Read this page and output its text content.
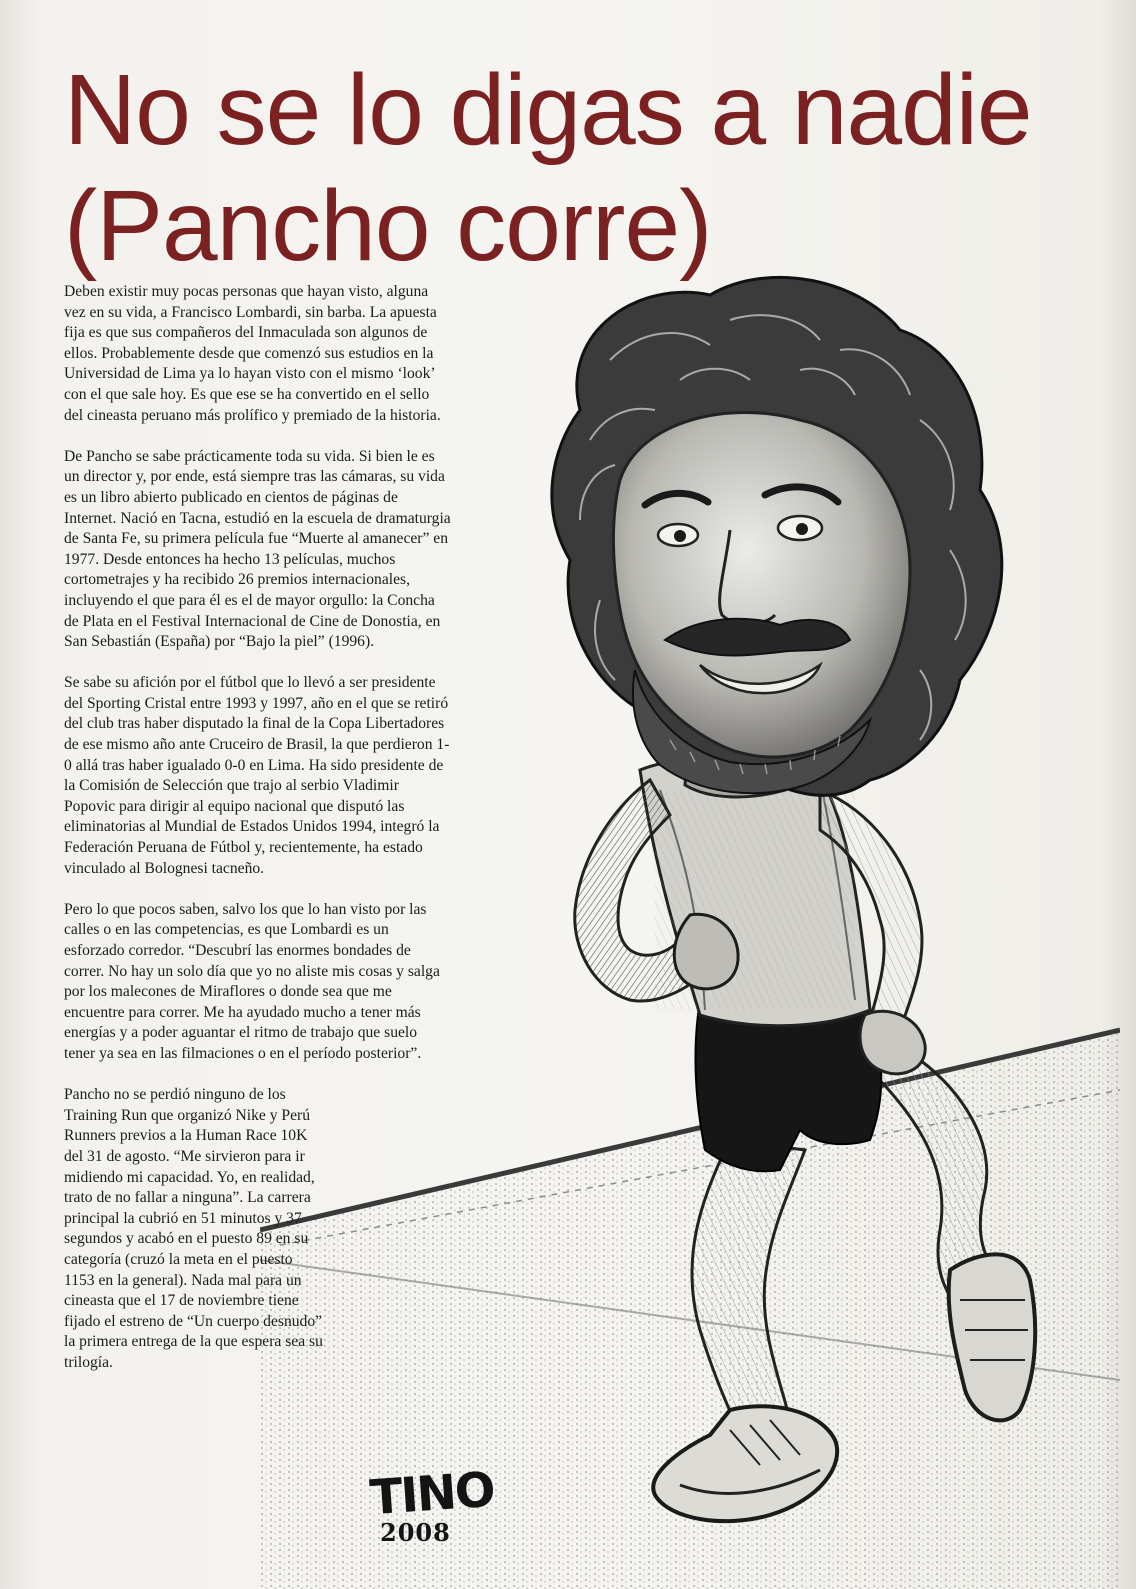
No se lo digas a nadie
(Pancho corre)

Deben existir muy pocas personas que hayan visto, alguna vez en su vida, a Francisco Lombardi, sin barba. La apuesta fija es que sus compañeros del Inmaculada son algunos de ellos. Probablemente desde que comenzó sus estudios en la Universidad de Lima ya lo hayan visto con el mismo ‘look’ con el que sale hoy. Es que ese se ha convertido en el sello del cineasta peruano más prolífico y premiado de la historia.

De Pancho se sabe prácticamente toda su vida. Si bien le es un director y, por ende, está siempre tras las cámaras, su vida es un libro abierto publicado en cientos de páginas de Internet. Nació en Tacna, estudió en la escuela de dramaturgia de Santa Fe, su primera película fue “Muerte al amanecer” en 1977. Desde entonces ha hecho 13 películas, muchos cortometrajes y ha recibido 26 premios internacionales, incluyendo el que para él es el de mayor orgullo: la Concha de Plata en el Festival Internacional de Cine de Donostia, en San Sebastián (España) por “Bajo la piel” (1996).

Se sabe su afición por el fútbol que lo llevó a ser presidente del Sporting Cristal entre 1993 y 1997, año en el que se retiró del club tras haber disputado la final de la Copa Libertadores de ese mismo año ante Cruceiro de Brasil, la que perdieron 1-0 allá tras haber igualado 0-0 en Lima. Ha sido presidente de la Comisión de Selección que trajo al serbio Vladimir Popovic para dirigir al equipo nacional que disputó las eliminatorias al Mundial de Estados Unidos 1994, integró la Federación Peruana de Fútbol y, recientemente, ha estado vinculado al Bolognesi tacneño.

Pero lo que pocos saben, salvo los que lo han visto por las calles o en las competencias, es que Lombardi es un esforzado corredor. “Descubrí las enormes bondades de correr. No hay un solo día que yo no aliste mis cosas y salga por los malecones de Miraflores o donde sea que me encuentre para correr. Me ha ayudado mucho a tener más energías y a poder aguantar el ritmo de trabajo que suelo tener ya sea en las filmaciones o en el período posterior”.

Pancho no se perdió ninguno de los Training Run que organizó Nike y Perú Runners previos a la Human Race 10K del 31 de agosto. “Me sirvieron para ir midiendo mi capacidad. Yo, en realidad, trato de no fallar a ninguna”. La carrera principal la cubrió en 51 minutos y 37 segundos y acabó en el puesto 89 en su categoría (cruzó la meta en el puesto 1153 en la general). Nada mal para un cineasta que el 17 de noviembre tiene fijado el estreno de “Un cuerpo desnudo” la primera entrega de la que espera sea su trilogía.

TINO
2008
